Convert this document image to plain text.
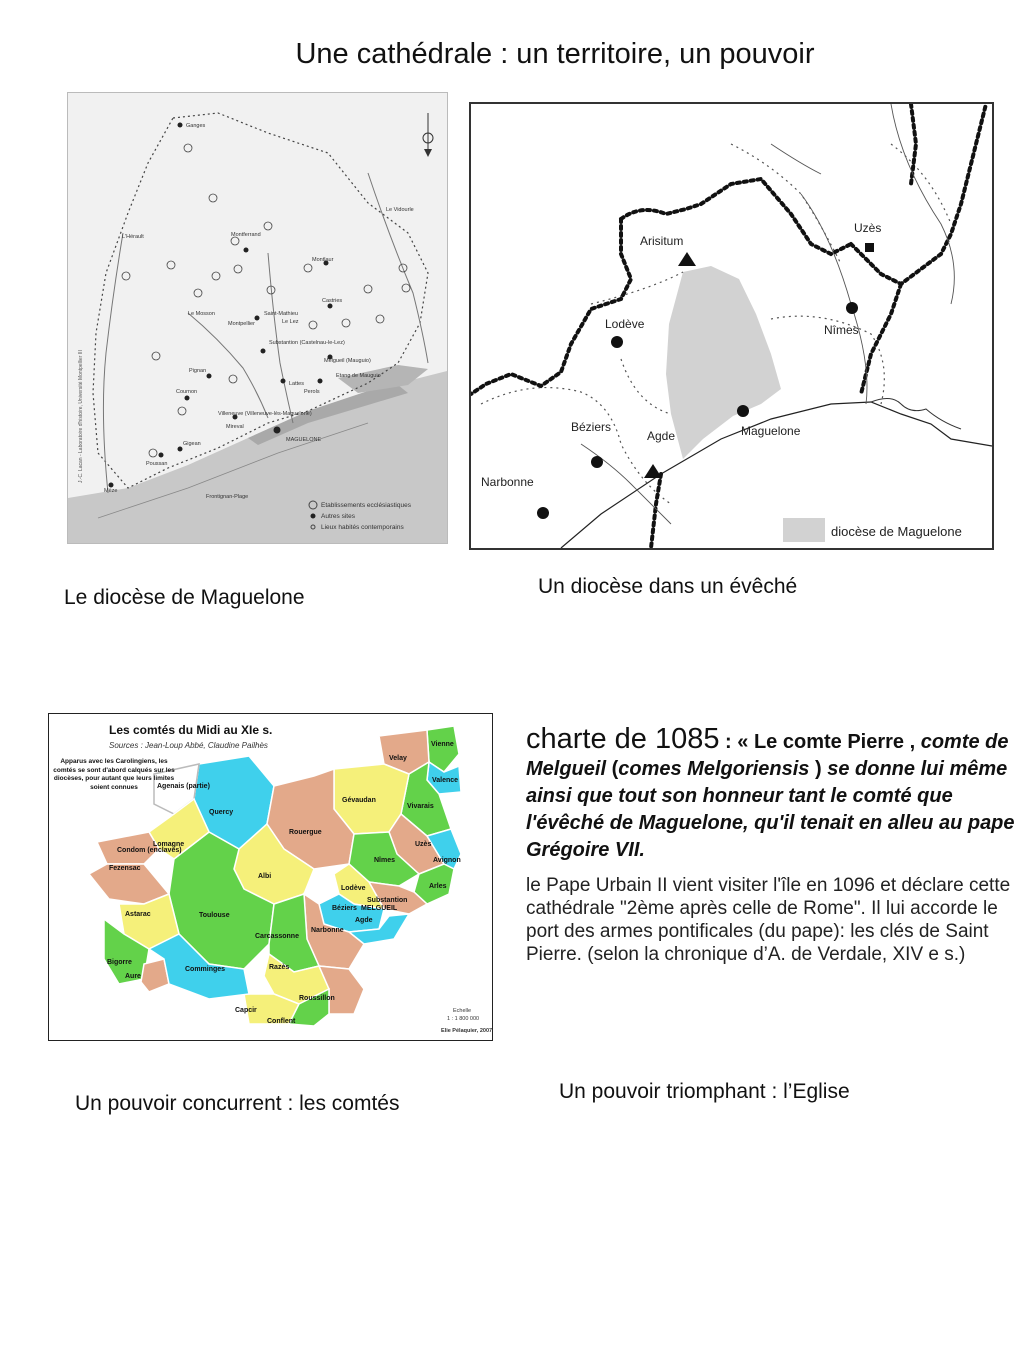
Une cathédrale : un territoire, un pouvoir
Ganges
Montferrand
Montlaur
Castries
Saint-Mathieu
Montpellier
Substantion (Castelnau-le-Lez)
Melgueil (Mauguio)
Pignan
Cournon
Villeneuve (Villeneuve-lès-Maguelone)
Mireval
Lattes
Perols
MAGUELONE
Poussan
Gigean
Mèze
Frontignan-Plage
Le Mosson
Etang de Mauguio
Le Lez
L'Hérault
Le Vidourle
Etablissements ecclésiastiques
Autres sites
Lieux habités contemporains
J.-C. Lacan - Laboratoire d'histoire, Université Montpellier III
Uzès
Arisitum
Lodève	Nîmes
Béziers
Agde	Maguelone
Narbonne
diocèse de Maguelone
Le diocèse de Maguelone	Un diocèse dans un évêché
Les comtés du Midi au XIe s.
Sources : Jean-Loup Abbé, Claudine Pailhès
Apparus avec les Carolingiens, les comtés se sont d'abord calqués sur les diocèses, pour autant que leurs limites soient connues
Vienne
Velay
Valence
Quercy
Gévaudan
Vivarais
Agenais (partie)
Rouergue
Uzès
Condom (enclaves)
Lomagne
Nîmes	Avignon
Fezensac
Albi
Lodève	Arles
Substantion
Béziers MELGUEIL
Astarac	Toulouse
Agde
Narbonne
Carcassonne
Bigorre
Aure
Comminges	Razès
Roussillon
Capcir
Conflent
Echelle
1 : 1 800 000
Elie Pélaquier, 2007
charte de 1085 : « Le comte Pierre , comte de Melgueil (comes Melgoriensis ) se donne lui même ainsi que tout son honneur tant le comté que l'évêché de Maguelone, qu'il tenait en alleu au pape Grégoire VII.
le Pape Urbain II vient visiter l'île en 1096 et déclare cette cathédrale "2ème après celle de Rome". Il lui accorde le port des armes pontificales (du pape): les clés de Saint Pierre. (selon la chronique d’A. de Verdale, XIV e s.)
Un pouvoir concurrent : les comtés
Un pouvoir triomphant : l’Eglise
